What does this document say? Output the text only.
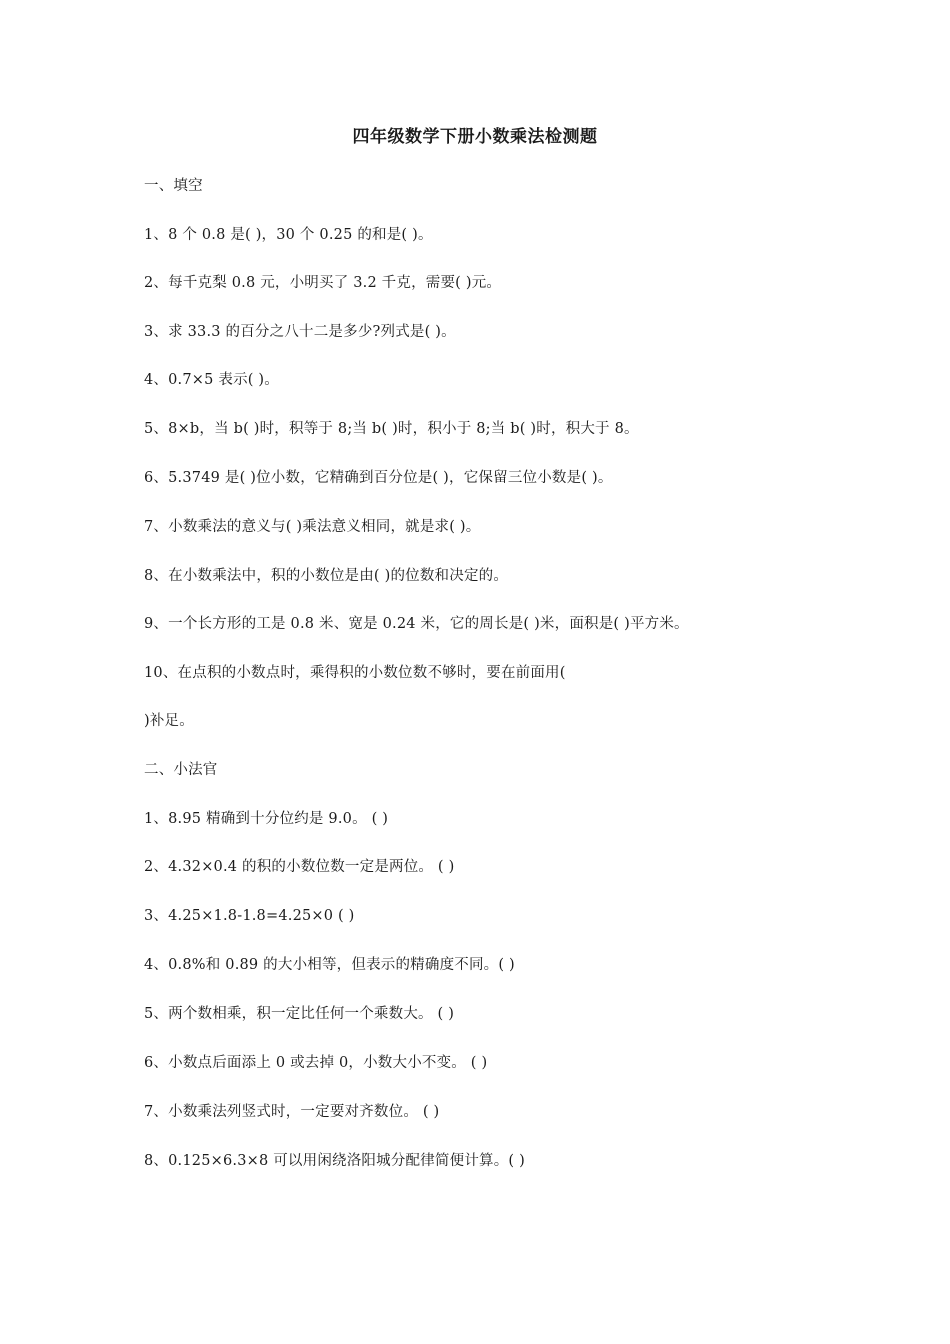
四年级数学下册小数乘法检测题
一、填空
1、8 个 0.8 是( )，30 个 0.25 的和是( )。
2、每千克梨 0.8 元，小明买了 3.2 千克，需要( )元。
3、求 33.3 的百分之八十二是多少?列式是( )。
4、0.7×5 表示( )。
5、8×b，当 b( )时，积等于 8;当 b( )时，积小于 8;当 b( )时，积大于 8。
6、5.3749 是( )位小数，它精确到百分位是( )，它保留三位小数是( )。
7、小数乘法的意义与( )乘法意义相同，就是求( )。
8、在小数乘法中，积的小数位是由( )的位数和决定的。
9、一个长方形的工是 0.8 米、宽是 0.24 米，它的周长是( )米，面积是( )平方米。
10、在点积的小数点时，乘得积的小数位数不够时，要在前面用(
)补足。
二、小法官
1、8.95 精确到十分位约是 9.0。 ( )
2、4.32×0.4 的积的小数位数一定是两位。 ( )
3、4.25×1.8-1.8=4.25×0 ( )
4、0.8%和 0.89 的大小相等，但表示的精确度不同。( )
5、两个数相乘，积一定比任何一个乘数大。 ( )
6、小数点后面添上 0 或去掉 0，小数大小不变。 ( )
7、小数乘法列竖式时，一定要对齐数位。 ( )
8、0.125×6.3×8 可以用闲绕洛阳城分配律简便计算。( )
